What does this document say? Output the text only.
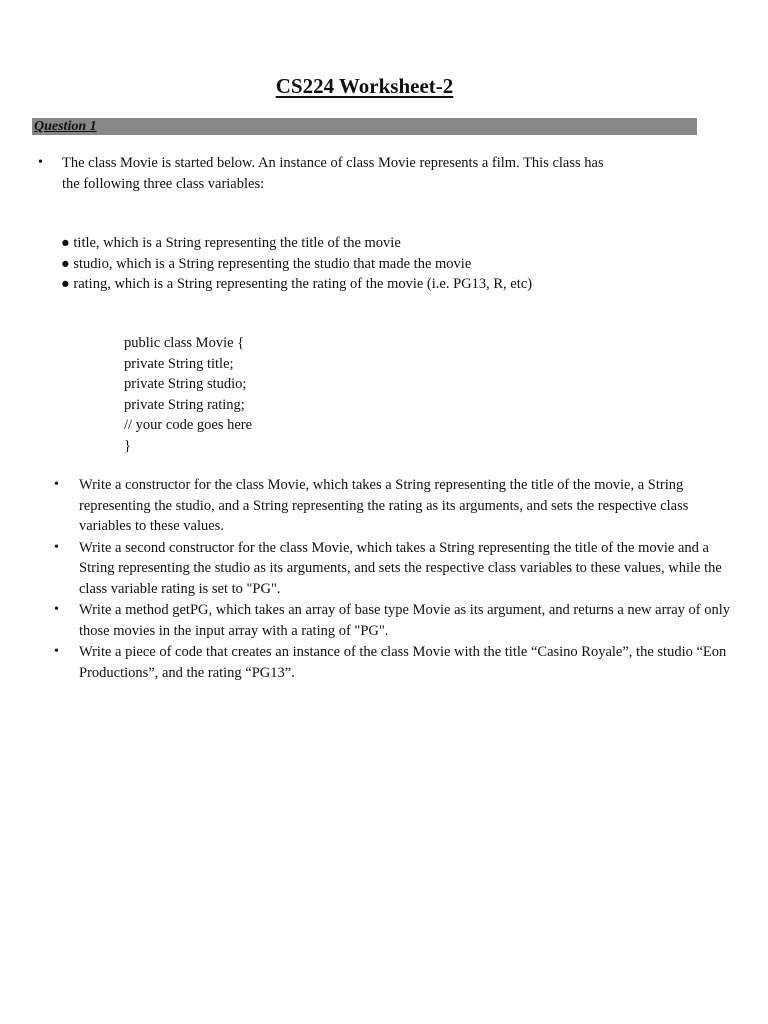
CS224 Worksheet-2
Question 1
• The class Movie is started below. An instance of class Movie represents a film. This class has the following three class variables:
● title, which is a String representing the title of the movie
● studio, which is a String representing the studio that made the movie
● rating, which is a String representing the rating of the movie (i.e. PG13, R, etc)
public class Movie {
private String title;
private String studio;
private String rating;
// your code goes here
}
• Write a constructor for the class Movie, which takes a String representing the title of the movie, a String representing the studio, and a String representing the rating as its arguments, and sets the respective class variables to these values.
• Write a second constructor for the class Movie, which takes a String representing the title of the movie and a String representing the studio as its arguments, and sets the respective class variables to these values, while the class variable rating is set to "PG".
• Write a method getPG, which takes an array of base type Movie as its argument, and returns a new array of only those movies in the input array with a rating of "PG".
• Write a piece of code that creates an instance of the class Movie with the title “Casino Royale”, the studio “Eon   Productions”, and the rating “PG13”.
